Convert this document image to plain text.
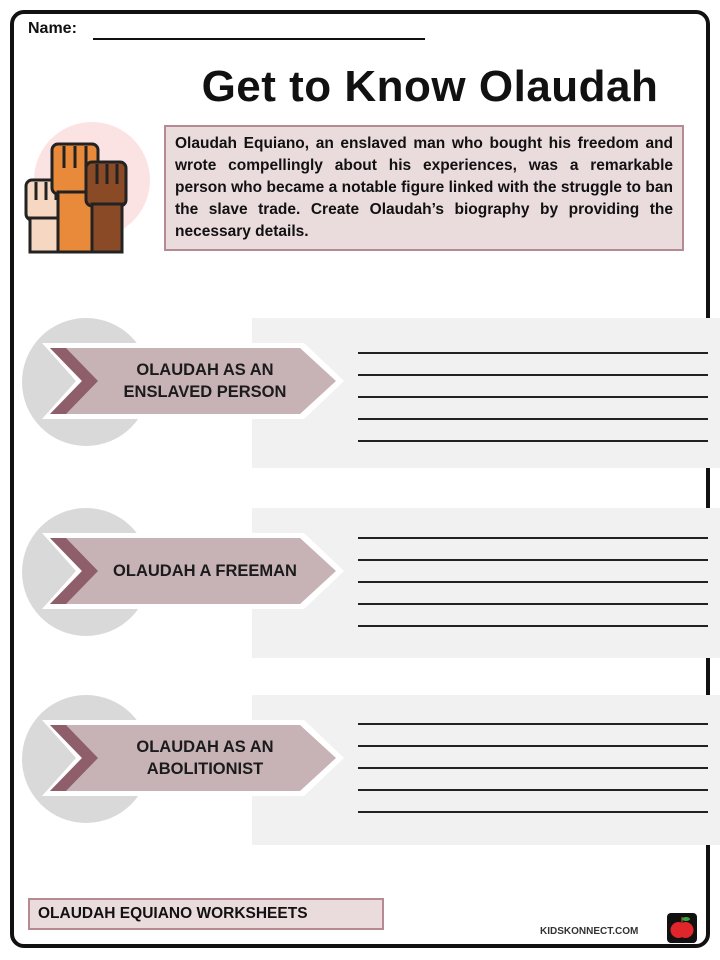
Name:
Get to Know Olaudah
Olaudah Equiano, an enslaved man who bought his freedom and wrote compellingly about his experiences, was a remarkable person who became a notable figure linked with the struggle to ban the slave trade. Create Olaudah’s biography by providing the necessary details.
OLAUDAH AS AN ENSLAVED PERSON
OLAUDAH A FREEMAN
OLAUDAH AS AN ABOLITIONIST
OLAUDAH EQUIANO WORKSHEETS
KIDSKONNECT.COM
